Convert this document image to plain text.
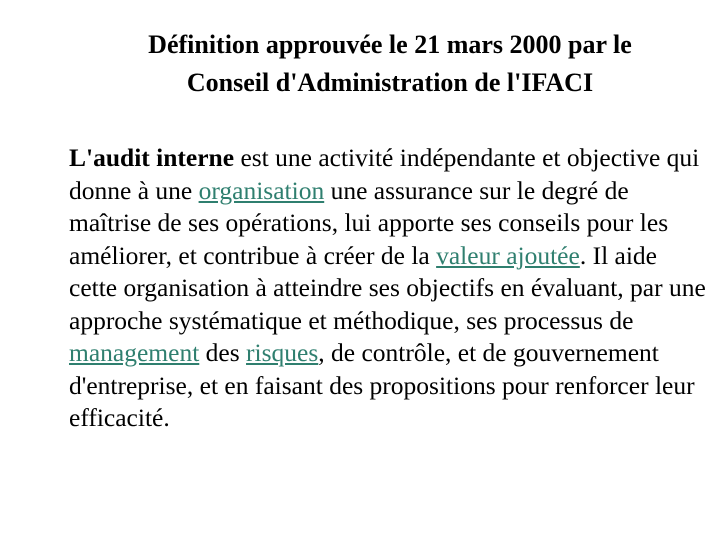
Définition approuvée le 21 mars 2000 par le
Conseil d'Administration de l'IFACI
L'audit interne est une activité indépendante et objective qui donne à une organisation une assurance sur le degré de maîtrise de ses opérations, lui apporte ses conseils pour les améliorer, et contribue à créer de la valeur ajoutée. Il aide cette organisation à atteindre ses objectifs en évaluant, par une approche systématique et méthodique, ses processus de management des risques, de contrôle, et de gouvernement d'entreprise, et en faisant des propositions pour renforcer leur efficacité.
